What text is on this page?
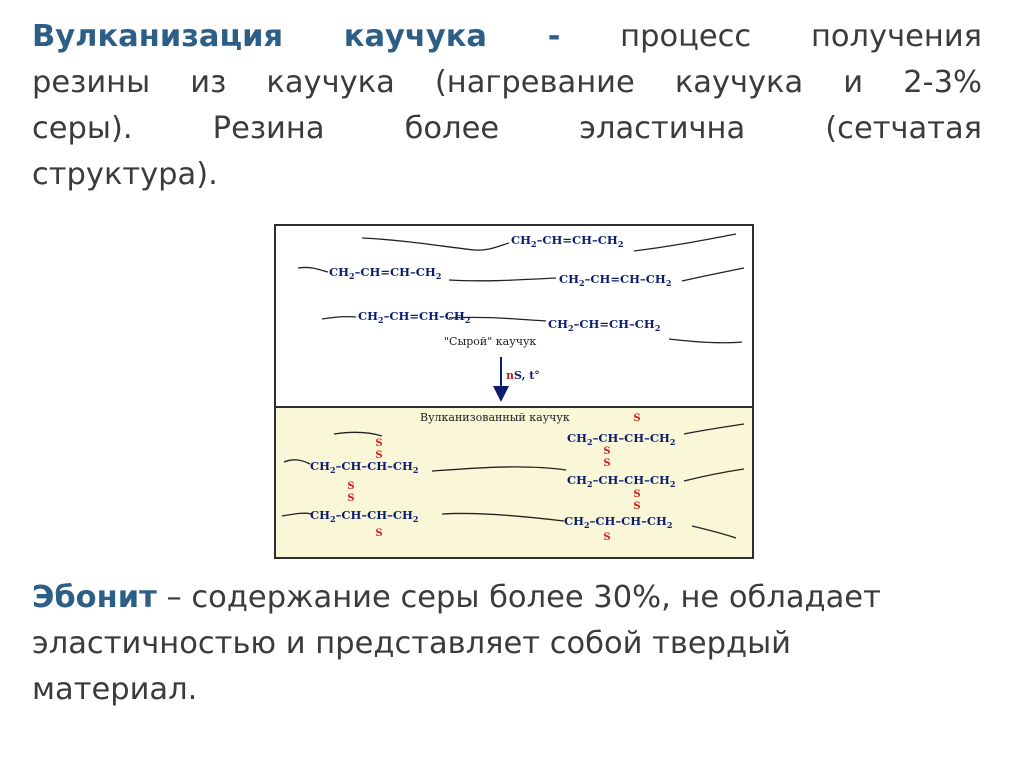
Вулканизация каучука - процесс получения
резины из каучука (нагревание каучука и 2-3%
серы). Резина более эластична (сетчатая
структура).
$CH_2-CH=CH-CH_2$
$CH_2-CH=CH-CH_2$	$CH_2-CH=CH-CH_2$
$CH_2-CH=CH-CH_2$	$CH_2-CH=CH-CH_2$
"Сырой" каучук
nS, t°
Вулканизованный каучук
$CH_2-CH-CH-CH_2$
$CH_2-CH-CH-CH_2$
$CH_2-CH-CH-CH_2$
$CH_2-CH-CH-CH_2$	$CH_2-CH-CH-CH_2$
S
S
S
S
S
S
S	S
S
S	S
Эбонит – содержание серы более 30%, не обладает
эластичностью и представляет собой твердый
материал.
